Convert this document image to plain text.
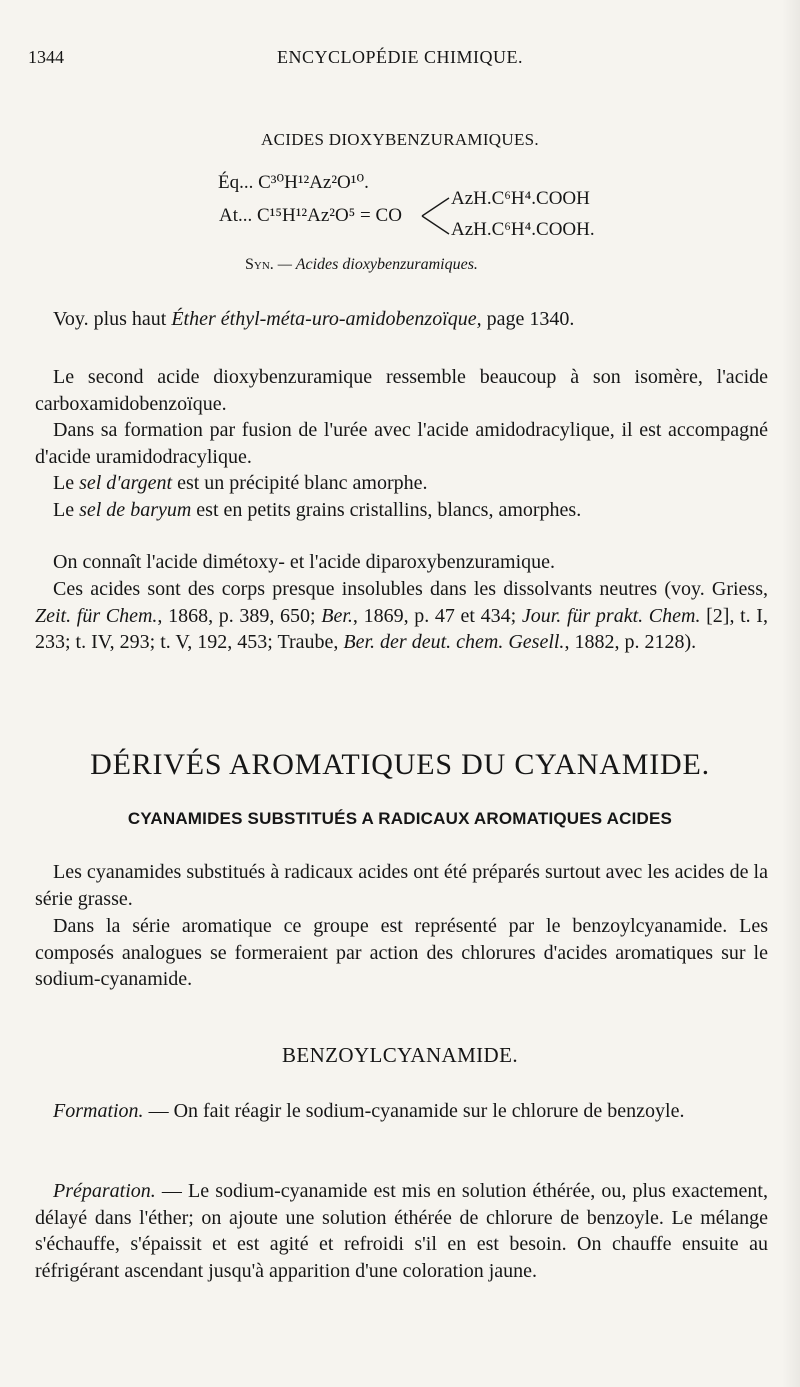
1344	ENCYCLOPÉDIE CHIMIQUE.
ACIDES DIOXYBENZURAMIQUES.
Éq... C³⁰H¹²Az²O¹⁰.
At... C¹⁵H¹²Az²O⁵ = CO
AzH.C⁶H⁴.COOH
AzH.C⁶H⁴.COOH.
Syn. — Acides dioxybenzuramiques.
Voy. plus haut Éther éthyl-méta-uro-amidobenzoïque, page 1340.
Le second acide dioxybenzuramique ressemble beaucoup à son isomère, l'acide carboxamidobenzoïque.
Dans sa formation par fusion de l'urée avec l'acide amidodracylique, il est accompagné d'acide uramidodracylique.
Le sel d'argent est un précipité blanc amorphe.
Le sel de baryum est en petits grains cristallins, blancs, amorphes.
On connaît l'acide dimétoxy- et l'acide diparoxybenzuramique.
Ces acides sont des corps presque insolubles dans les dissolvants neutres (voy. Griess, Zeit. für Chem., 1868, p. 389, 650; Ber., 1869, p. 47 et 434; Jour. für prakt. Chem. [2], t. I, 233; t. IV, 293; t. V, 192, 453; Traube, Ber. der deut. chem. Gesell., 1882, p. 2128).
DÉRIVÉS AROMATIQUES DU CYANAMIDE.
CYANAMIDES SUBSTITUÉS A RADICAUX AROMATIQUES ACIDES
Les cyanamides substitués à radicaux acides ont été préparés surtout avec les acides de la série grasse.
Dans la série aromatique ce groupe est représenté par le benzoylcyanamide. Les composés analogues se formeraient par action des chlorures d'acides aromatiques sur le sodium-cyanamide.
BENZOYLCYANAMIDE.
Formation. — On fait réagir le sodium-cyanamide sur le chlorure de benzoyle.
Préparation. — Le sodium-cyanamide est mis en solution éthérée, ou, plus exactement, délayé dans l'éther; on ajoute une solution éthérée de chlorure de benzoyle. Le mélange s'échauffe, s'épaissit et est agité et refroidi s'il en est besoin. On chauffe ensuite au réfrigérant ascendant jusqu'à apparition d'une coloration jaune.
